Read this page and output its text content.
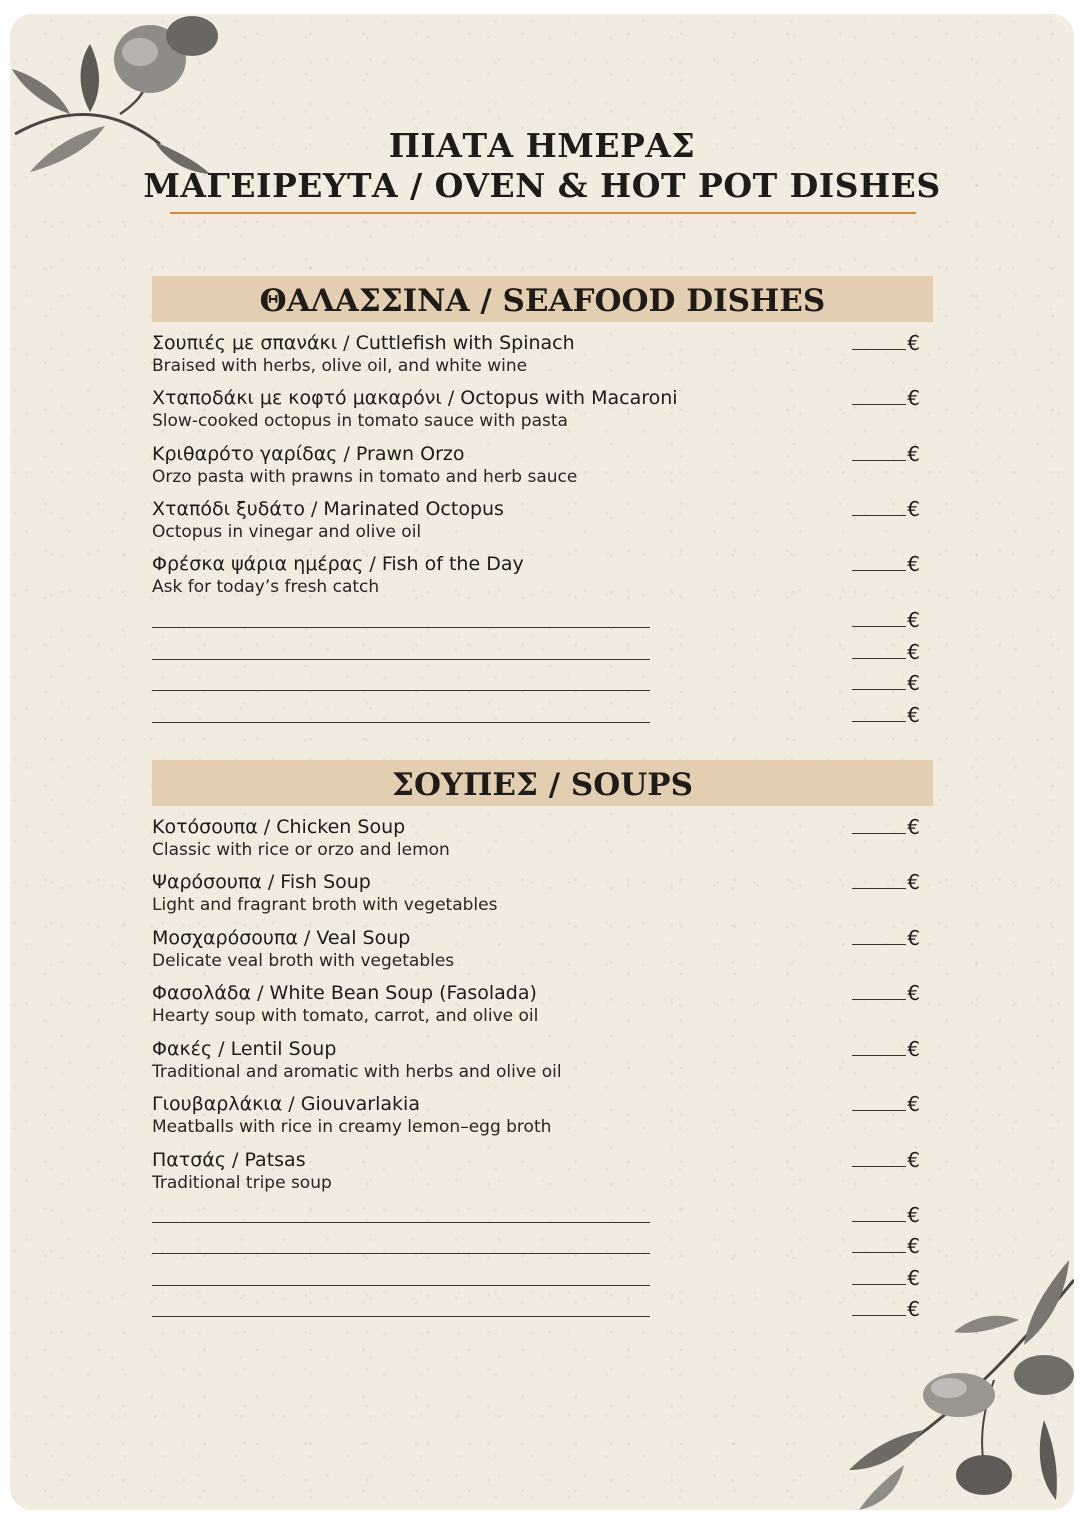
ΠΙΑΤΑ ΗΜΕΡΑΣ
ΜΑΓΕΙΡΕΥΤΑ / OVEN & HOT POT DISHES
ΘΑΛΑΣΣΙΝΑ / SEAFOOD DISHES
Σουπιές με σπανάκι / Cuttlefish with Spinach
Braised with herbs, olive oil, and white wine
€
Χταποδάκι με κοφτό μακαρόνι / Octopus with Macaroni
Slow-cooked octopus in tomato sauce with pasta
€
Κριθαρότο γαρίδας / Prawn Orzo
Orzo pasta with prawns in tomato and herb sauce
€
Χταπόδι ξυδάτο / Marinated Octopus
Octopus in vinegar and olive oil
€
Φρέσκα ψάρια ημέρας / Fish of the Day
Ask for today’s fresh catch
€
€
€
€
€
ΣΟΥΠΕΣ / SOUPS
Κοτόσουπα / Chicken Soup
Classic with rice or orzo and lemon
€
Ψαρόσουπα / Fish Soup
Light and fragrant broth with vegetables
€
Μοσχαρόσουπα / Veal Soup
Delicate veal broth with vegetables
€
Φασολάδα / White Bean Soup (Fasolada)
Hearty soup with tomato, carrot, and olive oil
€
Φακές / Lentil Soup
Traditional and aromatic with herbs and olive oil
€
Γιουβαρλάκια / Giouvarlakia
Meatballs with rice in creamy lemon–egg broth
€
Πατσάς / Patsas
Traditional tripe soup
€
€
€
€
€
